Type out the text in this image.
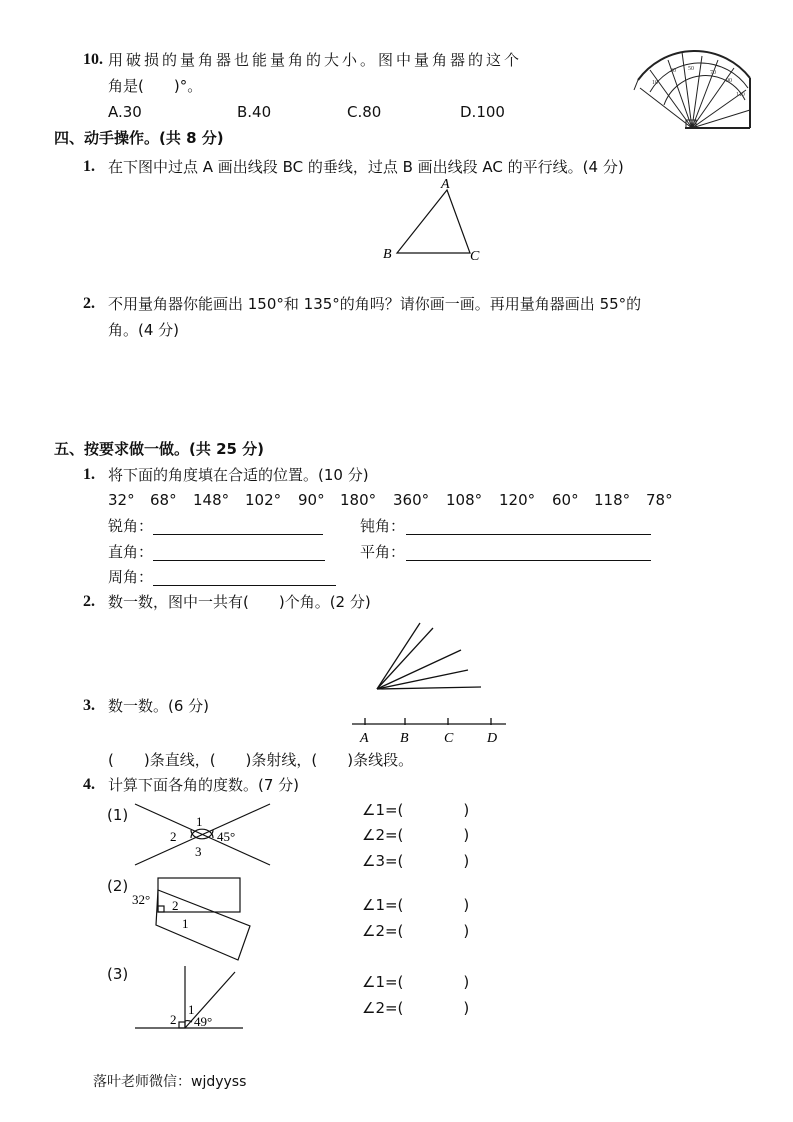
10. 用破损的量角器也能量角的大小。图中量角器的这个
角是(　　)°。
A.30	B.40	C.80	D.100
30 50
70
90
110
10
四、动手操作。(共 8 分)
1. 在下图中过点 A 画出线段 BC 的垂线，过点 B 画出线段 AC 的平行线。(4 分)
A
B	C
2. 不用量角器你能画出 150°和 135°的角吗？请你画一画。再用量角器画出 55°的
角。(4 分)
五、按要求做一做。(共 25 分)
1. 将下面的角度填在合适的位置。(10 分)
32° 68° 148° 102° 90° 180° 360° 108° 120° 60° 118° 78°
锐角：	钝角：
直角：	平角：
周角：
2. 数一数，图中一共有(　　)个角。(2 分)
3. 数一数。(6 分)
A B	C D
(　　)条直线，(　　)条射线，(　　)条线段。
4. 计算下面各角的度数。(7 分)
(1)	1
2
3
45°
∠1=(　　　　)
∠2=(　　　　)
∠3=(　　　　)
(2)
32° 2
1
∠1=(　　　　)
∠2=(　　　　)
(3)
1
2 49°
∠1=(　　　　)
∠2=(　　　　)
落叶老师微信：wjdyyss
